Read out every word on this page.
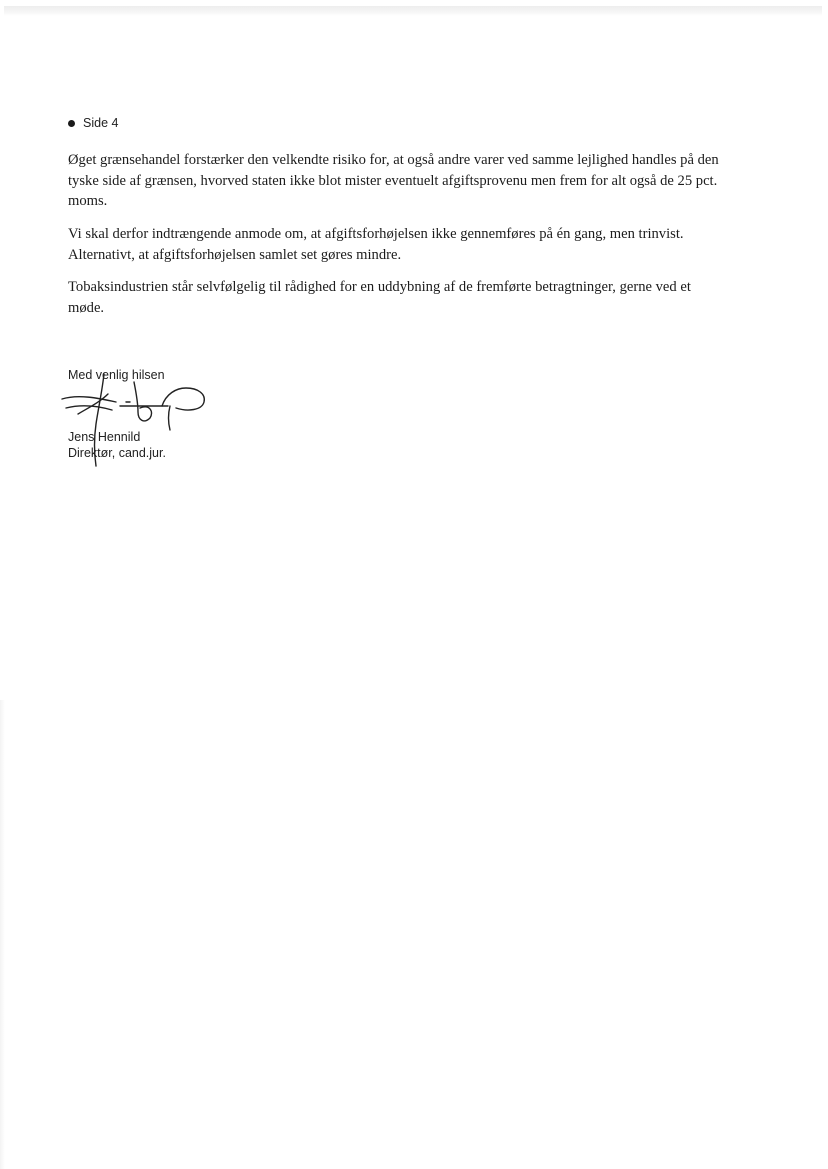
Side 4

Øget grænsehandel forstærker den velkendte risiko for, at også andre varer ved samme lejlighed handles på den tyske side af grænsen, hvorved staten ikke blot mister eventuelt afgiftsprovenu men frem for alt også de 25 pct. moms.

Vi skal derfor indtrængende anmode om, at afgiftsforhøjelsen ikke gennemføres på én gang, men trinvist. Alternativt, at afgiftsforhøjelsen samlet set gøres mindre.

Tobaksindustrien står selvfølgelig til rådighed for en uddybning af de fremførte betragtninger, gerne ved et møde.

Med venlig hilsen
Jens Hennild
Direktør, cand.jur.
